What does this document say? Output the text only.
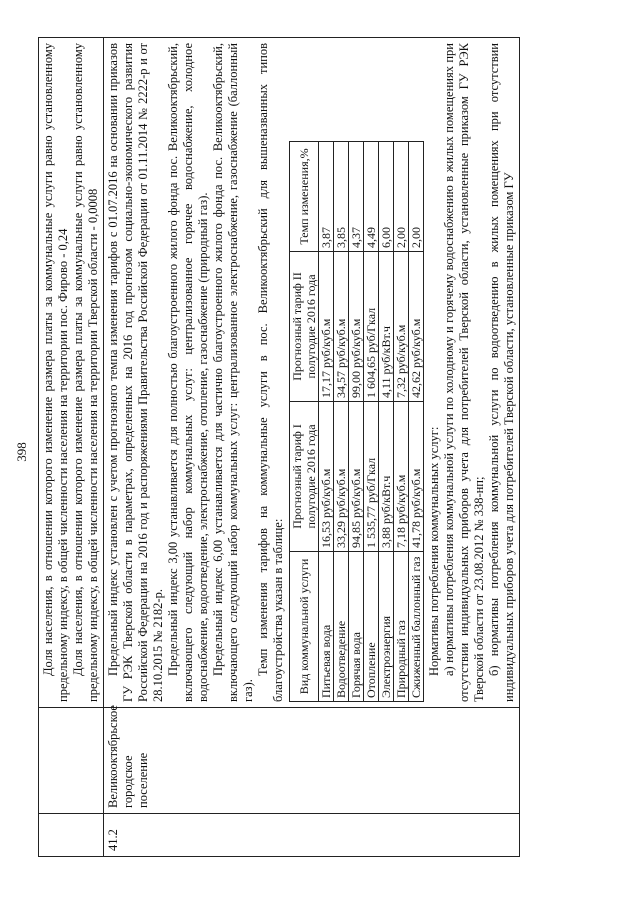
398
		Доля населения, в отношении которого изменение размера платы за коммунальные услуги равно установленному предельному индексу, в общей численности населения на территории пос. Фирово - 0,24 Доля населения, в отношении которого изменение размера платы за коммунальные услуги равно установленному предельному индексу, в общей численности населения на территории Тверской области - 0,0008

41.2	Великооктябрьское городское поселение	

Предельный индекс установлен с учетом прогнозного темпа изменения тарифов с 01.07.2016 на основании приказов ГУ РЭК Тверской области в параметрах, определенных на 2016 год прогнозом социально-экономического развития Российской Федерации на 2016 год и распоряжениями Правительства Российской Федерации от 01.11.2014 № 2222-р и от 28.10.2015 № 2182-р. Предельный индекс 3,00 устанавливается для полностью благоустроенного жилого фонда пос. Великооктябрьский, включающего следующий набор коммунальных услуг: централизованное горячее водоснабжение, холодное водоснабжение, водоотведение, электроснабжение, отопление, газоснабжение (природный газ). Предельный индекс 6,00 устанавливается для частично благоустроенного жилого фонда пос. Великооктябрьский, включающего следующий набор коммунальных услуг: централизованное электроснабжение, газоснабжение (баллонный газ).

Темп изменения тарифов на коммунальные услуги в пос. Великооктябрьский для вышеназванных типов благоустройства указан в таблице: Вид коммунальной услуги	Прогнозный тариф I полугодие 2016 года	Прогнозный тариф II полугодие 2016 года	Темп изменения,%
Питьевая вода	16,53 руб/куб.м	17,17 руб/куб.м	3,87
Водоотведение	33,29 руб/куб.м	34,57 руб/куб.м	3,85
Горячая вода	94,85 руб/куб.м	99,00 руб/куб.м	4,37
Отопление	1 535,77 руб/Гкал	1 604,65 руб/Гкал	4,49
Электроэнергия	3,88 руб/кВт.ч	4,11 руб/кВт.ч	6,00
Природный газ	7,18 руб/куб.м	7,32 руб/куб.м	2,00
Сжиженный баллонный газ	41,78 руб/куб.м	42,62 руб/куб.м	2,00

Нормативы потребления коммунальных услуг: а) нормативы потребления коммунальной услуги по холодному и горячему водоснабжению в жилых помещениях при отсутствии индивидуальных приборов учета для потребителей Тверской области, установленные приказом ГУ РЭК Тверской области от 23.08.2012 № 338-нп; б) нормативы потребления коммунальной услуги по водоотведению в жилых помещениях при отсутствии индивидуальных приборов учета для потребителей Тверской области, установленные приказом ГУ
